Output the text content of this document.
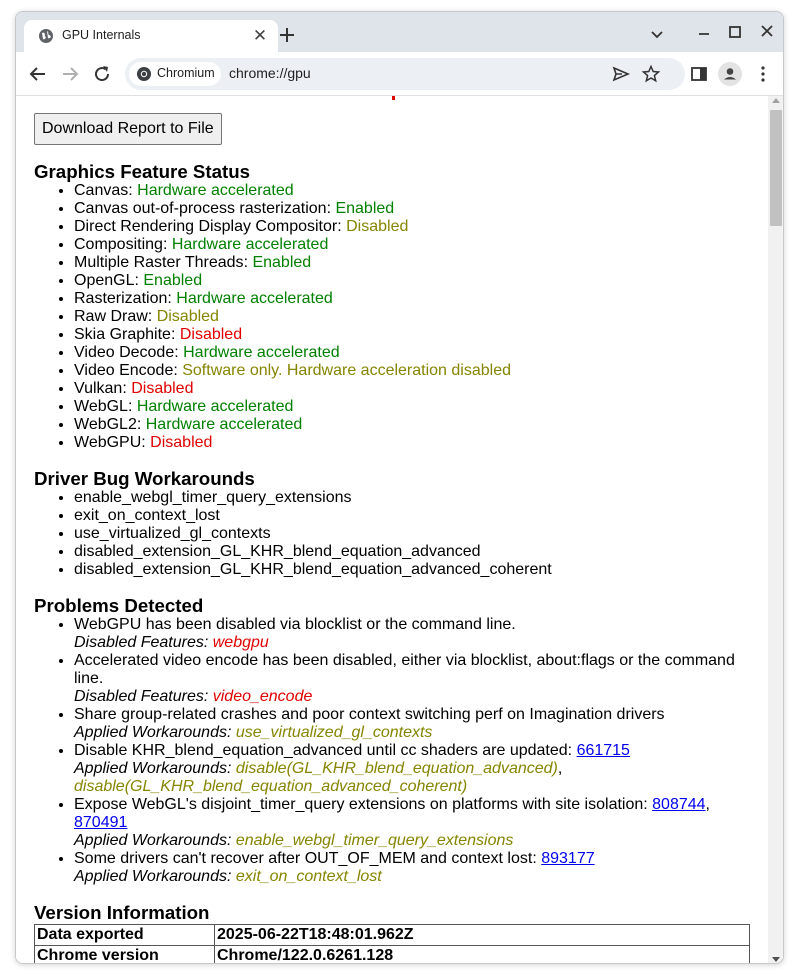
GPU Internals	✕
Chromium chrome://gpu
Download Report to File
Graphics Feature Status
• Canvas: Hardware accelerated
• Canvas out-of-process rasterization: Enabled
• Direct Rendering Display Compositor: Disabled
• Compositing: Hardware accelerated
• Multiple Raster Threads: Enabled
• OpenGL: Enabled
• Rasterization: Hardware accelerated
• Raw Draw: Disabled
• Skia Graphite: Disabled
• Video Decode: Hardware accelerated
• Video Encode: Software only. Hardware acceleration disabled
• Vulkan: Disabled
• WebGL: Hardware accelerated
• WebGL2: Hardware accelerated
• WebGPU: Disabled
Driver Bug Workarounds
• enable_webgl_timer_query_extensions
• exit_on_context_lost
• use_virtualized_gl_contexts
• disabled_extension_GL_KHR_blend_equation_advanced
• disabled_extension_GL_KHR_blend_equation_advanced_coherent
Problems Detected
• WebGPU has been disabled via blocklist or the command line.
Disabled Features: webgpu
• Accelerated video encode has been disabled, either via blocklist, about:flags or the command line.
Disabled Features: video_encode
• Share group-related crashes and poor context switching perf on Imagination drivers
Applied Workarounds: use_virtualized_gl_contexts
• Disable KHR_blend_equation_advanced until cc shaders are updated: 661715
Applied Workarounds: disable(GL_KHR_blend_equation_advanced), disable(GL_KHR_blend_equation_advanced_coherent)
• Expose WebGL's disjoint_timer_query extensions on platforms with site isolation: 808744, 870491
Applied Workarounds: enable_webgl_timer_query_extensions
• Some drivers can't recover after OUT_OF_MEM and context lost: 893177
Applied Workarounds: exit_on_context_lost
Version Information
Data exported	2025-06-22T18:48:01.962Z
Chrome version	Chrome/122.0.6261.128
